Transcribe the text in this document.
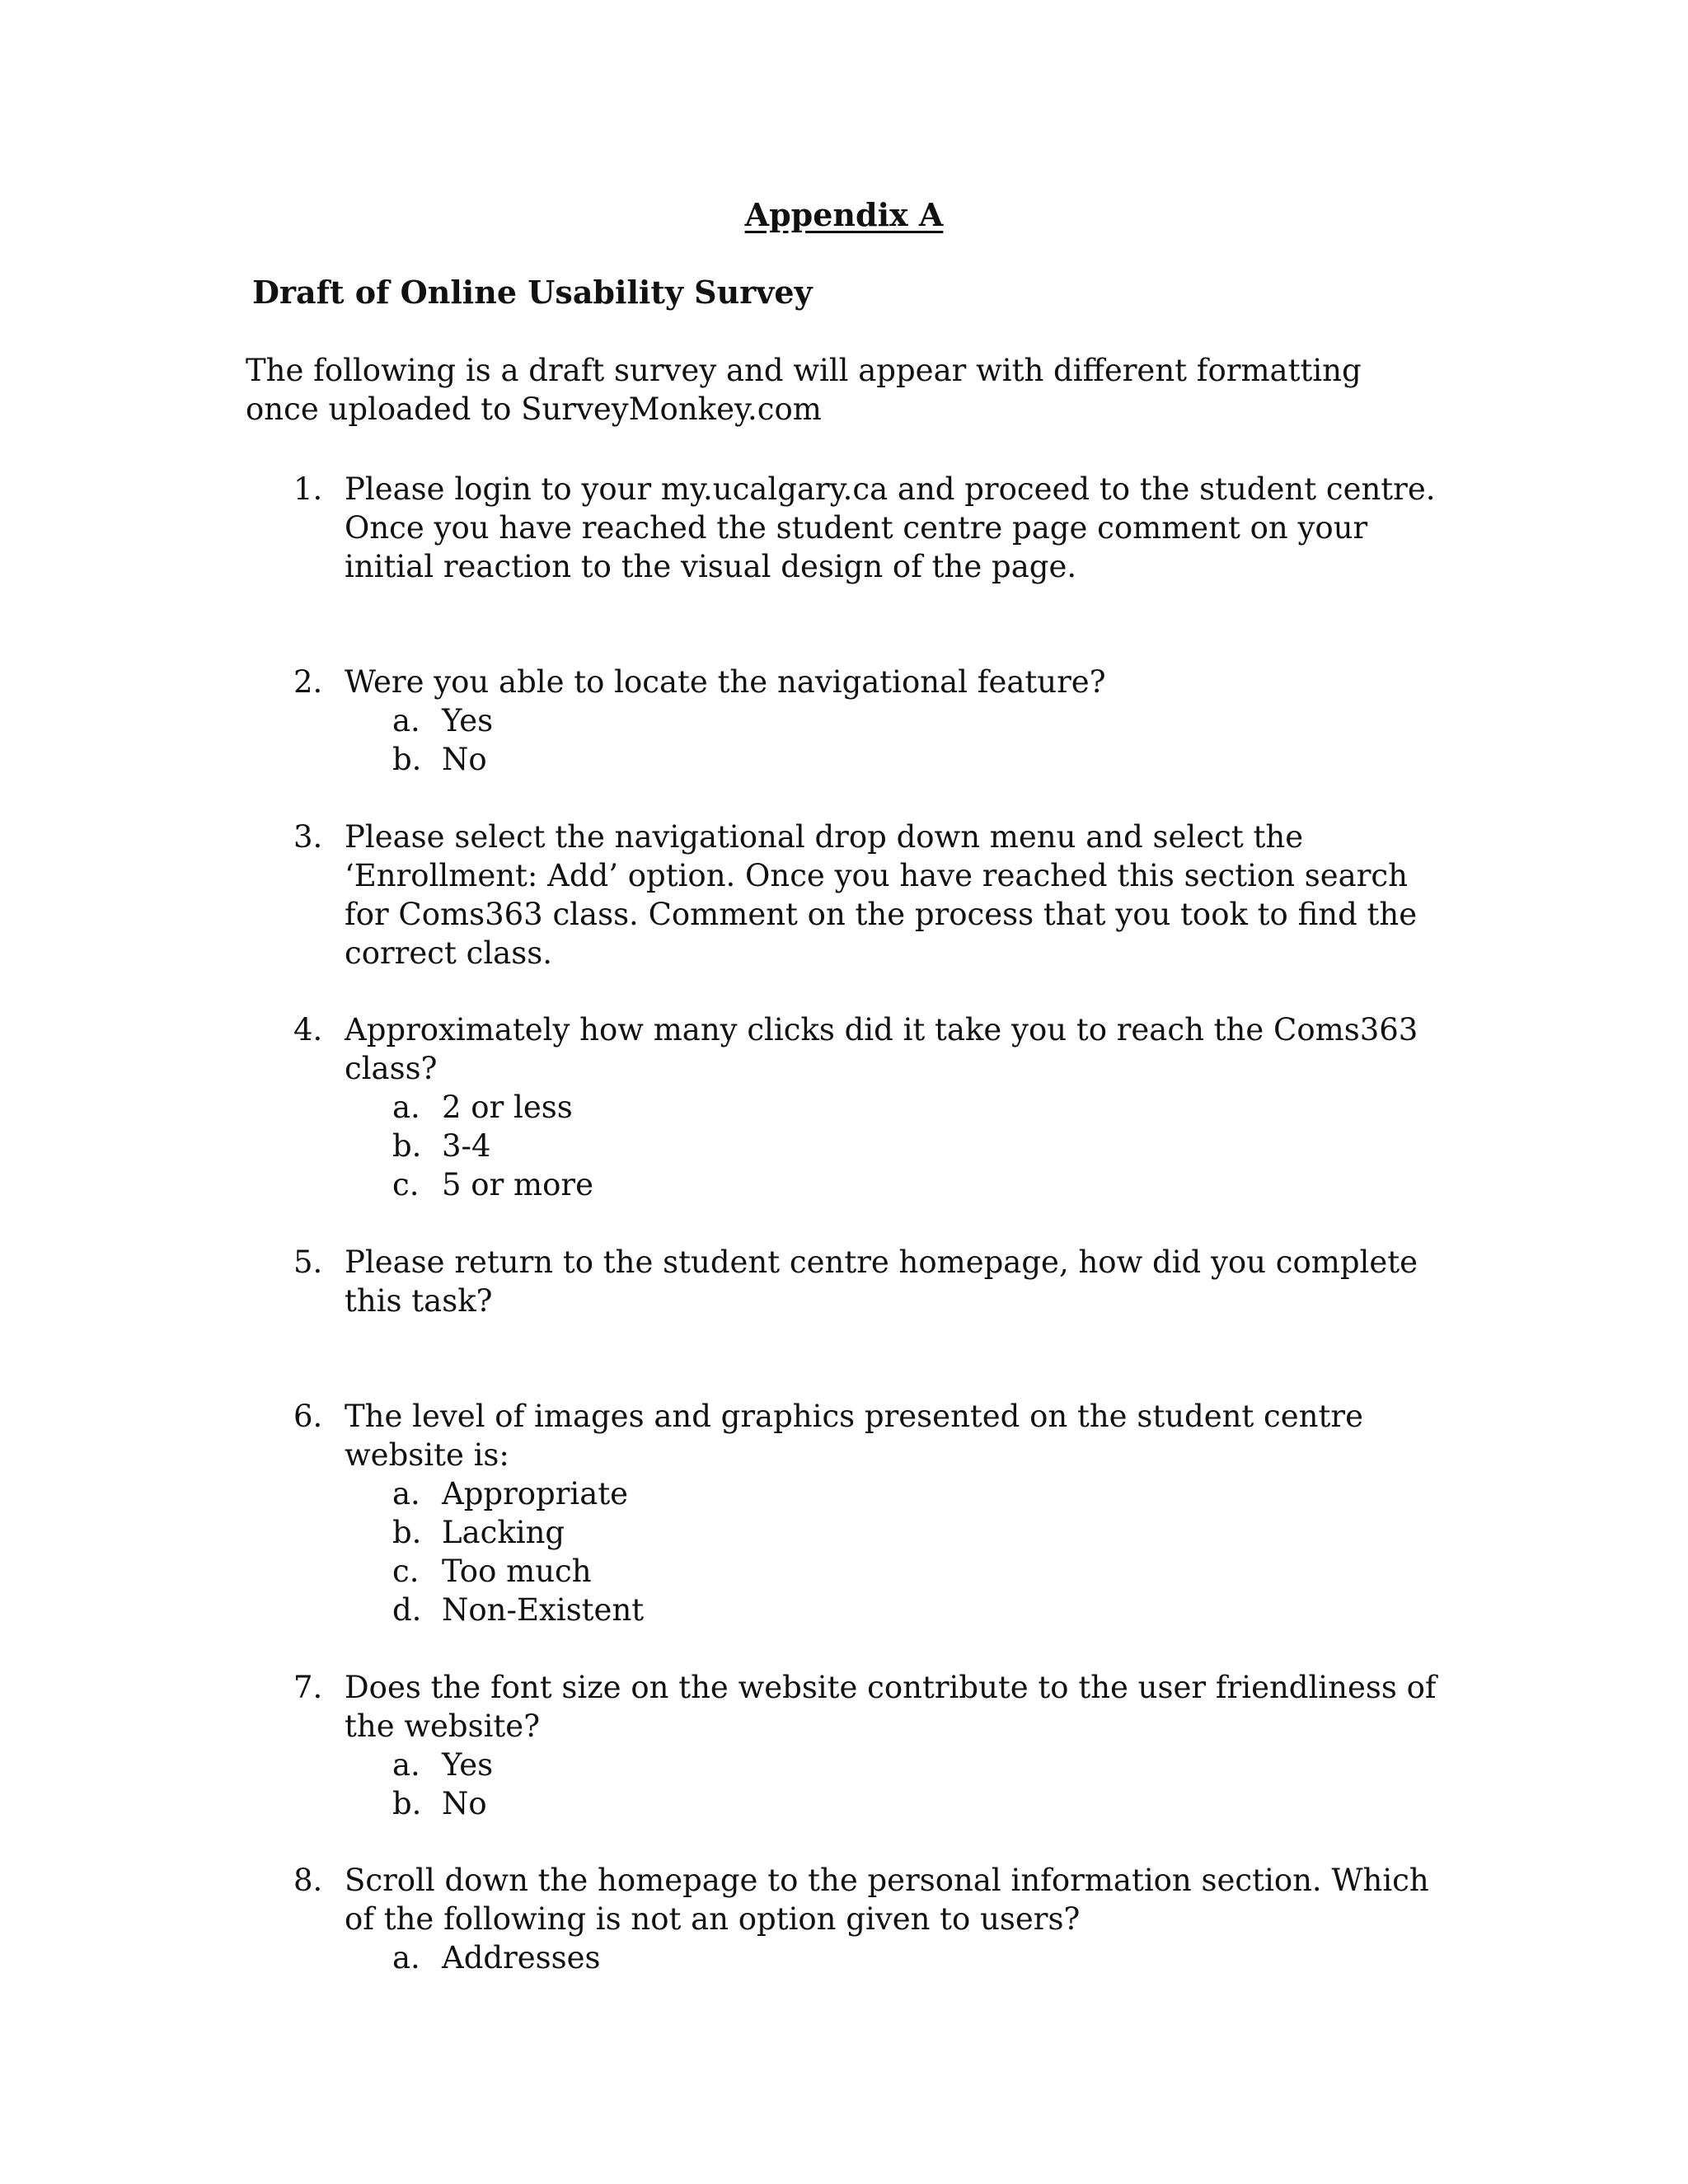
Appendix A
Draft of Online Usability Survey

The following is a draft survey and will appear with different formatting once uploaded to SurveyMonkey.com

1. Please login to your my.ucalgary.ca and proceed to the student centre. Once you have reached the student centre page comment on your initial reaction to the visual design of the page.
2. Were you able to locate the navigational feature?
a. Yes
b. No
3. Please select the navigational drop down menu and select the ‘Enrollment: Add’ option. Once you have reached this section search for Coms363 class. Comment on the process that you took to find the correct class.
4. Approximately how many clicks did it take you to reach the Coms363 class?
a. 2 or less
b. 3-4
c. 5 or more
5. Please return to the student centre homepage, how did you complete this task?
6. The level of images and graphics presented on the student centre website is:
a. Appropriate
b. Lacking
c. Too much
d. Non-Existent
7. Does the font size on the website contribute to the user friendliness of the website?
a. Yes
b. No
8. Scroll down the homepage to the personal information section. Which of the following is not an option given to users?
a. Addresses
